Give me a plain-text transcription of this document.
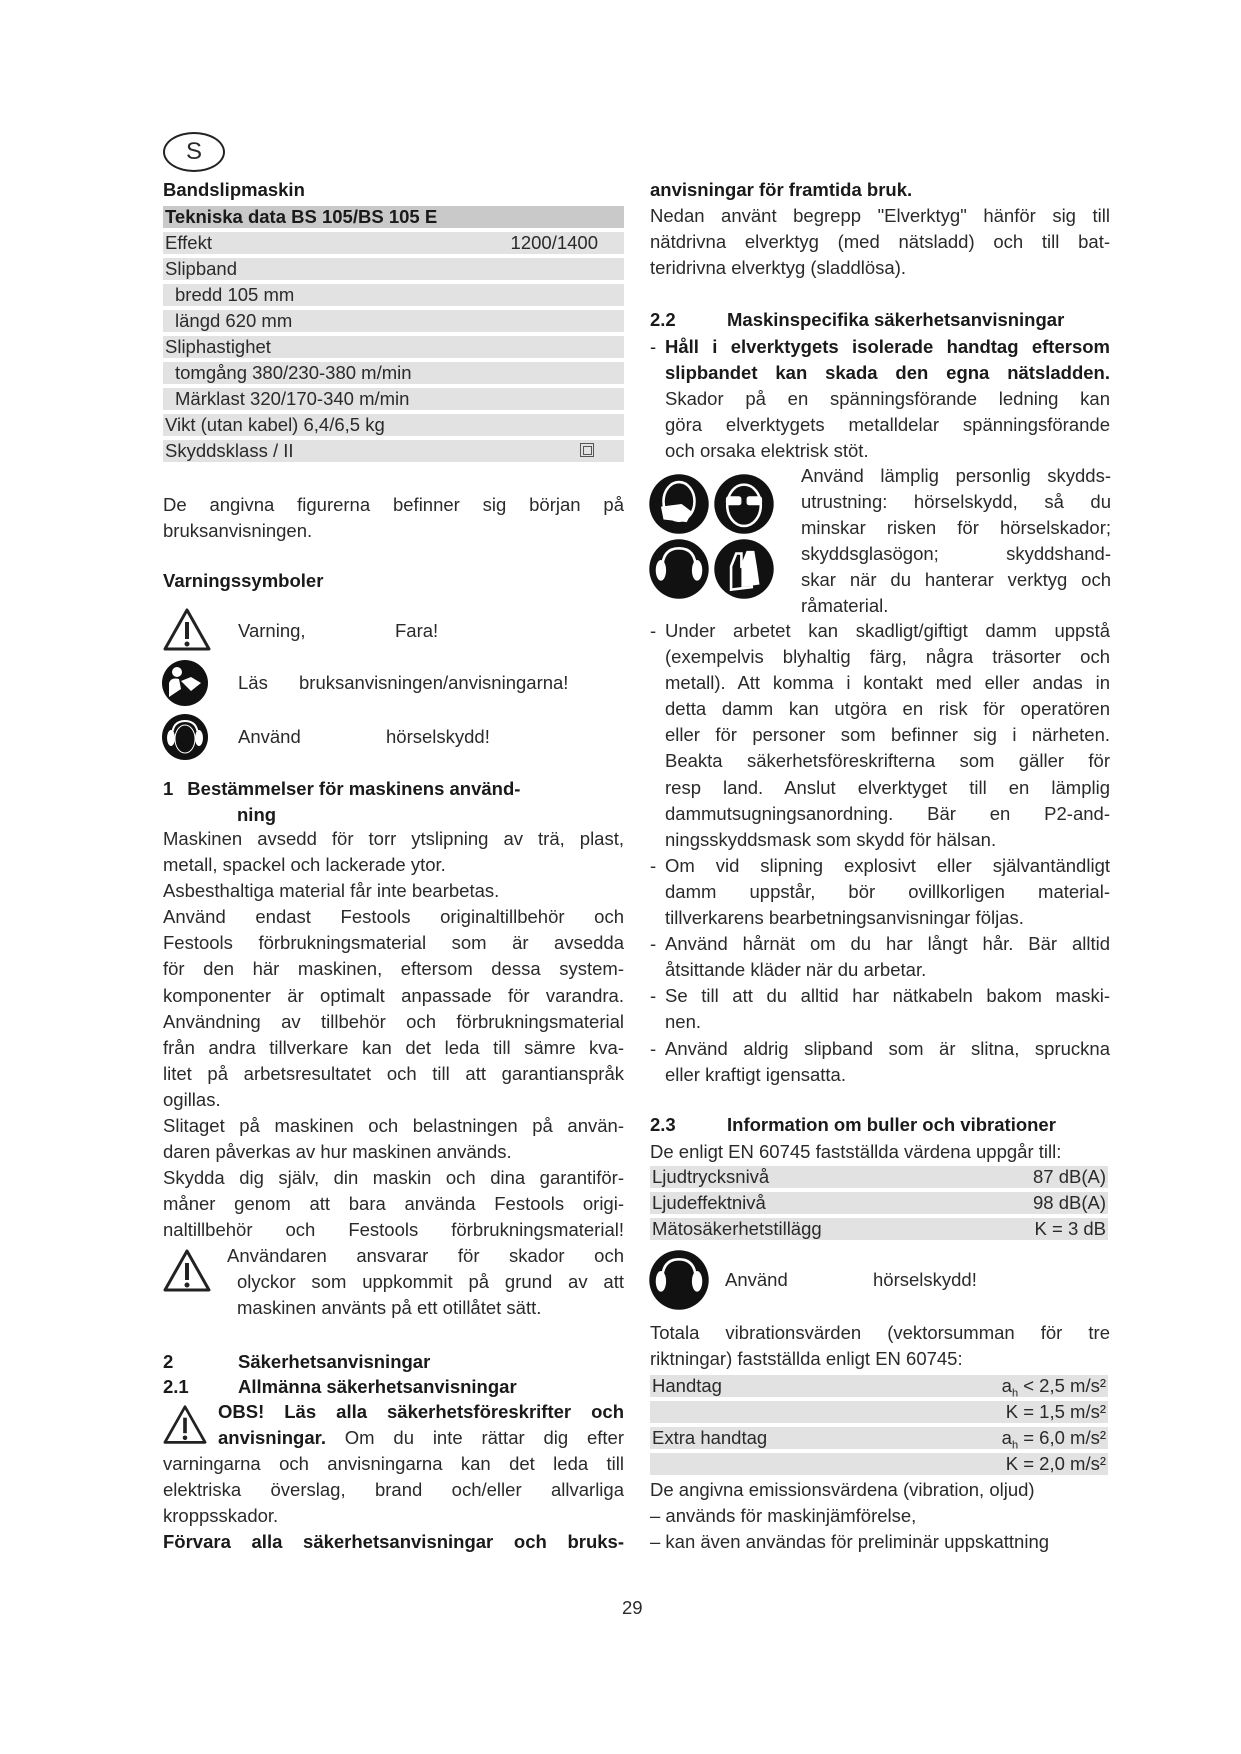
S
Bandslipmaskin
Tekniska data BS 105/BS 105 E
Effekt	1200/1400
Slipband
bredd 105 mm
längd 620 mm
Sliphastighet
tomgång 380/230-380 m/min
Märklast 320/170-340 m/min
Vikt (utan kabel) 6,4/6,5 kg
Skyddsklass / II
De angivna figurerna befinner sig början på
bruksanvisningen.
Varningssymboler
Varning,	Fara!
Läs bruksanvisningen/anvisningarna!
Använd	hörselskydd!
1 Bestämmelser för maskinens använd-
ning
Maskinen avsedd för torr ytslipning av trä, plast,
metall, spackel och lackerade ytor.
Asbesthaltiga material får inte bearbetas.
Använd endast Festools originaltillbehör och
Festools förbrukningsmaterial som är avsedda
för den här maskinen, eftersom dessa system-
komponenter är optimalt anpassade för varandra.
Användning av tillbehör och förbrukningsmaterial
från andra tillverkare kan det leda till sämre kva-
litet på arbetsresultatet och till att garantianspråk
ogillas.
Slitaget på maskinen och belastningen på använ-
daren påverkas av hur maskinen används.
Skydda dig själv, din maskin och dina garantiför-
måner genom att bara använda Festools origi-
naltillbehör och Festools förbrukningsmaterial!
Användaren ansvarar för skador och
olyckor som uppkommit på grund av att
maskinen använts på ett otillåtet sätt.
2	Säkerhetsanvisningar
2.1	Allmänna säkerhetsanvisningar
OBS! Läs alla säkerhetsföreskrifter och
anvisningar. Om du inte rättar dig efter
varningarna och anvisningarna kan det leda till
elektriska överslag, brand och/eller allvarliga
kroppsskador.
Förvara alla säkerhetsanvisningar och bruks-
anvisningar för framtida bruk.
Nedan använt begrepp "Elverktyg" hänför sig till
nätdrivna elverktyg (med nätsladd) och till bat-
teridrivna elverktyg (sladdlösa).
2.2	Maskinspecifika säkerhetsanvisningar
- Håll i elverktygets isolerade handtag eftersom
slipbandet kan skada den egna nätsladden.
Skador på en spänningsförande ledning kan
göra elverktygets metalldelar spänningsförande
och orsaka elektrisk stöt.
Använd lämplig personlig skydds-
utrustning: hörselskydd, så du
minskar risken för hörselskador;
skyddsglasögon; skyddshand-
skar när du hanterar verktyg och
råmaterial.
- Under arbetet kan skadligt/giftigt damm uppstå
(exempelvis blyhaltig färg, några träsorter och
metall). Att komma i kontakt med eller andas in
detta damm kan utgöra en risk för operatören
eller för personer som befinner sig i närheten.
Beakta säkerhetsföreskrifterna som gäller för
resp land. Anslut elverktyget till en lämplig
dammutsugningsanordning. Bär en P2-and-
ningsskyddsmask som skydd för hälsan.
- Om vid slipning explosivt eller självantändligt
damm uppstår, bör ovillkorligen material-
tillverkarens bearbetningsanvisningar följas.
- Använd hårnät om du har långt hår. Bär alltid
åtsittande kläder när du arbetar.
- Se till att du alltid har nätkabeln bakom maski-
nen.
- Använd aldrig slipband som är slitna, spruckna
eller kraftigt igensatta.
2.3	Information om buller och vibrationer
De enligt EN 60745 fastställda värdena uppgår till:
Ljudtrycksnivå	87 dB(A)
Ljudeffektnivå	98 dB(A)
Mätosäkerhetstillägg	K = 3 dB
Använd	hörselskydd!
Totala vibrationsvärden (vektorsumman för tre
riktningar) fastställda enligt EN 60745:
Handtag	$a_h < 2,5$ m/s²
K = 1,5 m/s²
Extra handtag	$a_h = 6,0$ m/s²
K = 2,0 m/s²
De angivna emissionsvärdena (vibration, oljud)
– används för maskinjämförelse,
– kan även användas för preliminär uppskattning
29
